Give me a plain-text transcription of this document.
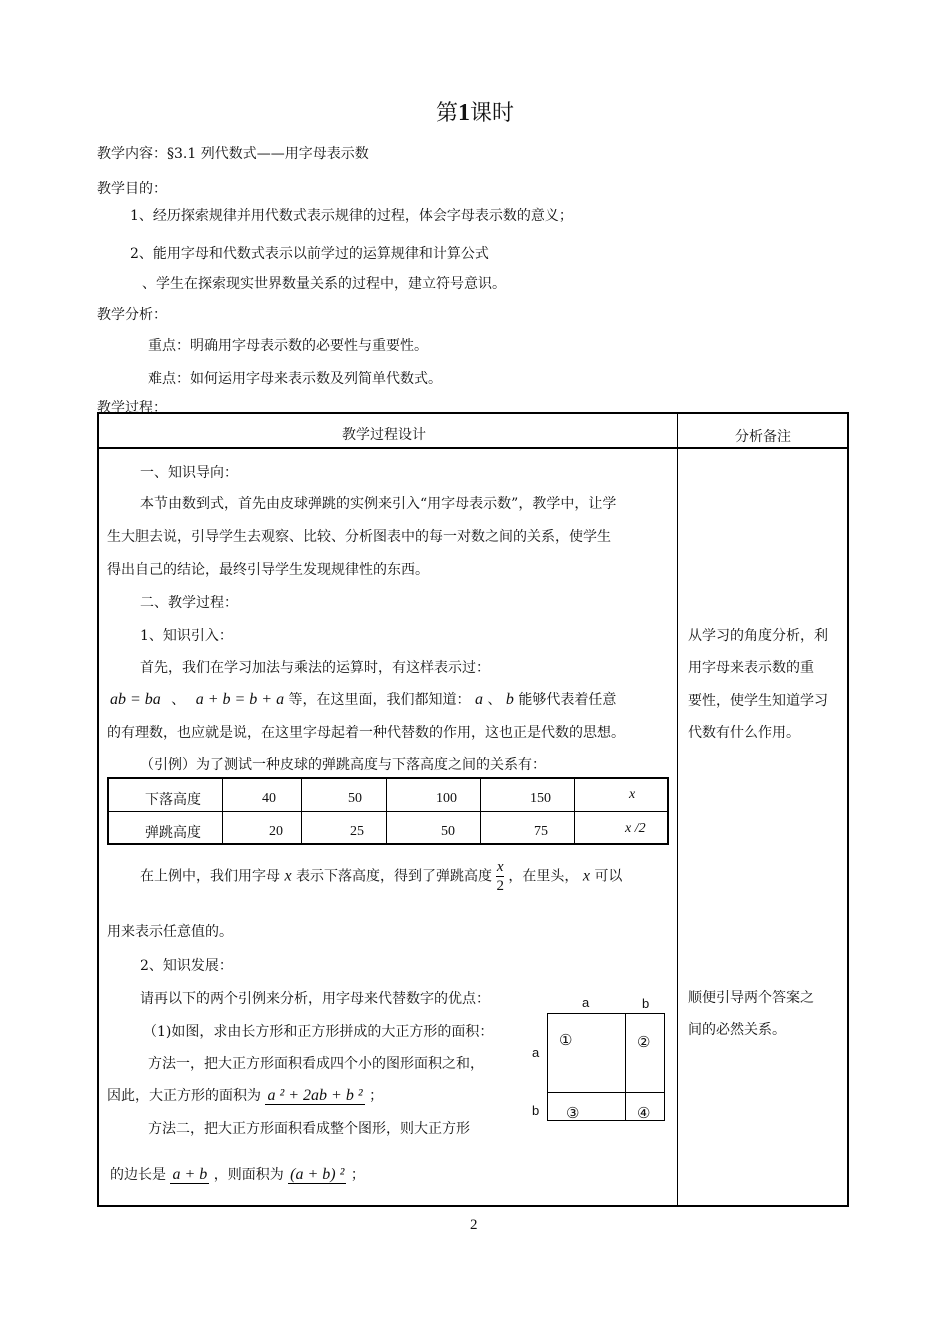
第1课时
教学内容：§3.1 列代数式——用字母表示数
教学目的：
1、经历探索规律并用代数式表示规律的过程，体会字母表示数的意义；
2、能用字母和代数式表示以前学过的运算规律和计算公式
、学生在探索现实世界数量关系的过程中，建立符号意识。
教学分析：
重点：明确用字母表示数的必要性与重要性。
难点：如何运用字母来表示数及列简单代数式。
教学过程：
教学过程设计	分析备注
一、知识导向：
本节由数到式，首先由皮球弹跳的实例来引入“用字母表示数”，教学中，让学
生大胆去说，引导学生去观察、比较、分析图表中的每一对数之间的关系，使学生
得出自己的结论，最终引导学生发现规律性的东西。
二、教学过程：
1、知识引入：
首先，我们在学习加法与乘法的运算时，有这样表示过：
ab = ba 、 a + b = b + a 等，在这里面，我们都知道： a 、 b 能够代表着任意
的有理数，也应就是说，在这里字母起着一种代替数的作用，这也正是代数的思想。
（引例）为了测试一种皮球的弹跳高度与下落高度之间的关系有：
下落高度	40	50	100	150	x
弹跳高度	20	25	50	75	x /2
在上例中，我们用字母 x 表示下落高度，得到了弹跳高度 $\frac{x}{2}$ ，在里头， x 可以
用来表示任意值的。
2、知识发展：
请再以下的两个引例来分析，用字母来代替数字的优点：
（1)如图，求由长方形和正方形拼成的大正方形的面积：
方法一，把大正方形面积看成四个小的图形面积之和，
因此，大正方形的面积为 a ² + 2ab + b ² ；
方法二，把大正方形面积看成整个图形，则大正方形
的边长是 a + b ，则面积为 (a + b) ² ；
a	b
a
b
①	②
③	④
从学习的角度分析，利
用字母来表示数的重
要性，使学生知道学习
代数有什么作用。
顺便引导两个答案之
间的必然关系。
2
